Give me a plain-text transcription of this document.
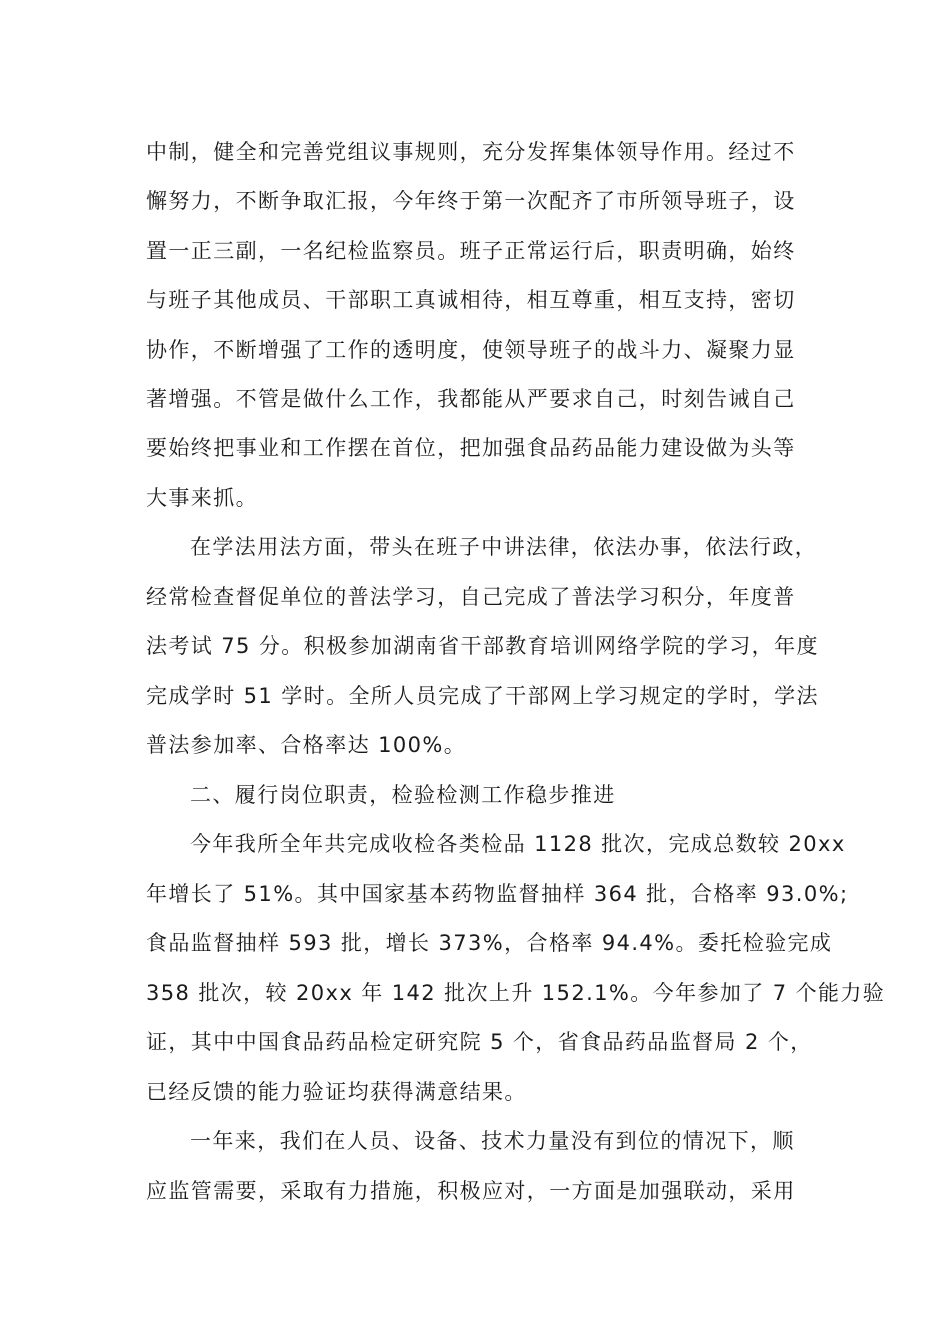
中制，健全和完善党组议事规则，充分发挥集体领导作用。经过不
懈努力，不断争取汇报，今年终于第一次配齐了市所领导班子，设
置一正三副，一名纪检监察员。班子正常运行后，职责明确，始终
与班子其他成员、干部职工真诚相待，相互尊重，相互支持，密切
协作，不断增强了工作的透明度，使领导班子的战斗力、凝聚力显
著增强。不管是做什么工作，我都能从严要求自己，时刻告诫自己
要始终把事业和工作摆在首位，把加强食品药品能力建设做为头等
大事来抓。
在学法用法方面，带头在班子中讲法律，依法办事，依法行政，
经常检查督促单位的普法学习，自己完成了普法学习积分，年度普
法考试 75 分。积极参加湖南省干部教育培训网络学院的学习，年度
完成学时 51 学时。全所人员完成了干部网上学习规定的学时，学法
普法参加率、合格率达 100%。
二、履行岗位职责，检验检测工作稳步推进
今年我所全年共完成收检各类检品 1128 批次，完成总数较 20xx
年增长了 51%。其中国家基本药物监督抽样 364 批，合格率 93.0%;
食品监督抽样 593 批，增长 373%，合格率 94.4%。委托检验完成
358 批次，较 20xx 年 142 批次上升 152.1%。今年参加了 7 个能力验
证，其中中国食品药品检定研究院 5 个，省食品药品监督局 2 个，
已经反馈的能力验证均获得满意结果。
一年来，我们在人员、设备、技术力量没有到位的情况下，顺
应监管需要，采取有力措施，积极应对，一方面是加强联动，采用
